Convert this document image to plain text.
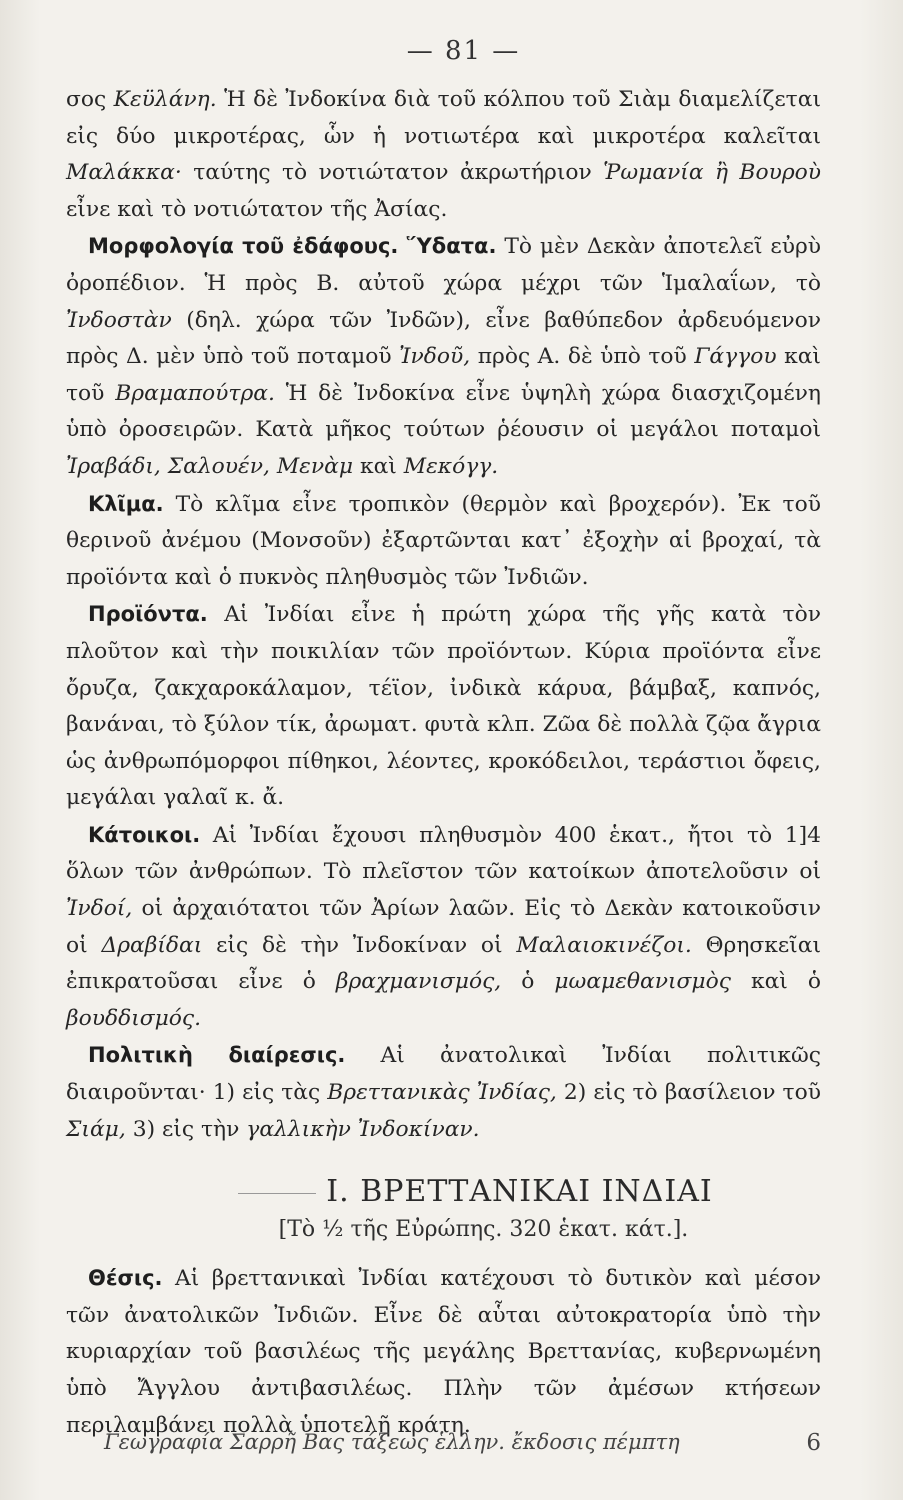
— 81 —

σος Κεϋλάνη. Ἡ δὲ Ἰνδοκίνα διὰ τοῦ κόλπου τοῦ Σιὰμ διαμελίζεται εἰς δύο μικροτέρας, ὧν ἡ νοτιωτέρα καὶ μικροτέρα καλεῖται Μαλάκκα· ταύτης τὸ νοτιώτατον ἀκρωτήριον Ῥωμανία ἢ Βουροὺ εἶνε καὶ τὸ νοτιώτατον τῆς Ἀσίας.

Μορφολογία τοῦ ἐδάφους. Ὕδατα. Τὸ μὲν Δεκὰν ἀποτελεῖ εὐρὺ ὀροπέδιον. Ἡ πρὸς Β. αὐτοῦ χώρα μέχρι τῶν Ἱμαλαΐων, τὸ Ἰνδοστὰν (δηλ. χώρα τῶν Ἰνδῶν), εἶνε βαθύπεδον ἀρδευόμενον πρὸς Δ. μὲν ὑπὸ τοῦ ποταμοῦ Ἰνδοῦ, πρὸς Α. δὲ ὑπὸ τοῦ Γάγγου καὶ τοῦ Βραμαπούτρα. Ἡ δὲ Ἰνδοκίνα εἶνε ὑψηλὴ χώρα διασχιζομένη ὑπὸ ὀροσειρῶν. Κατὰ μῆκος τούτων ῥέουσιν οἱ μεγάλοι ποταμοὶ Ἰραβάδι, Σαλουέν, Μενὰμ καὶ Μεκόγγ.

Κλῖμα. Τὸ κλῖμα εἶνε τροπικὸν (θερμὸν καὶ βροχερόν). Ἐκ τοῦ θερινοῦ ἀνέμου (Μονσοῦν) ἐξαρτῶνται κατ᾽ ἐξοχὴν αἱ βροχαί, τὰ προϊόντα καὶ ὁ πυκνὸς πληθυσμὸς τῶν Ἰνδιῶν.

Προϊόντα. Αἱ Ἰνδίαι εἶνε ἡ πρώτη χώρα τῆς γῆς κατὰ τὸν πλοῦτον καὶ τὴν ποικιλίαν τῶν προϊόντων. Κύρια προϊόντα εἶνε ὄρυζα, ζακχαροκάλαμον, τέϊον, ἰνδικὰ κάρυα, βάμβαξ, καπνός, βανάναι, τὸ ξύλον τίκ, ἀρωματ. φυτὰ κλπ. Ζῶα δὲ πολλὰ ζῷα ἄγρια ὡς ἀνθρωπόμορφοι πίθηκοι, λέοντες, κροκόδειλοι, τεράστιοι ὄφεις, μεγάλαι γαλαῖ κ. ἄ.

Κάτοικοι. Αἱ Ἰνδίαι ἔχουσι πληθυσμὸν 400 ἑκατ., ἤτοι τὸ 1]4 ὅλων τῶν ἀνθρώπων. Τὸ πλεῖστον τῶν κατοίκων ἀποτελοῦσιν οἱ Ἰνδοί, οἱ ἀρχαιότατοι τῶν Ἀρίων λαῶν. Εἰς τὸ Δεκὰν κατοικοῦσιν οἱ Δραβίδαι εἰς δὲ τὴν Ἰνδοκίναν οἱ Μαλαιοκινέζοι. Θρησκεῖαι ἐπικρατοῦσαι εἶνε ὁ βραχμανισμός, ὁ μωαμεθανισμὸς καὶ ὁ βουδδισμός.

Πολιτικὴ διαίρεσις. Αἱ ἀνατολικαὶ Ἰνδίαι πολιτικῶς διαιροῦνται· 1) εἰς τὰς Βρεττανικὰς Ἰνδίας, 2) εἰς τὸ βασίλειον τοῦ Σιάμ, 3) εἰς τὴν γαλλικὴν Ἰνδοκίναν.

Ι. ΒΡΕΤΤΑΝΙΚΑΙ ΙΝΔΙΑΙ
[Τὸ ½ τῆς Εὐρώπης. 320 ἑκατ. κάτ.].

Θέσις. Αἱ βρεττανικαὶ Ἰνδίαι κατέχουσι τὸ δυτικὸν καὶ μέσον τῶν ἀνατολικῶν Ἰνδιῶν. Εἶνε δὲ αὗται αὐτοκρατορία ὑπὸ τὴν κυριαρχίαν τοῦ βασιλέως τῆς μεγάλης Βρεττανίας, κυβερνωμένη ὑπὸ Ἄγγλου ἀντιβασιλέως. Πλὴν τῶν ἀμέσων κτήσεων περιλαμβάνει πολλὰ ὑποτελῆ κράτη.

Γεωγραφία Σαρρῆ Βας τάξεως ἑλλην. ἔκδοσις πέμπτη	6
